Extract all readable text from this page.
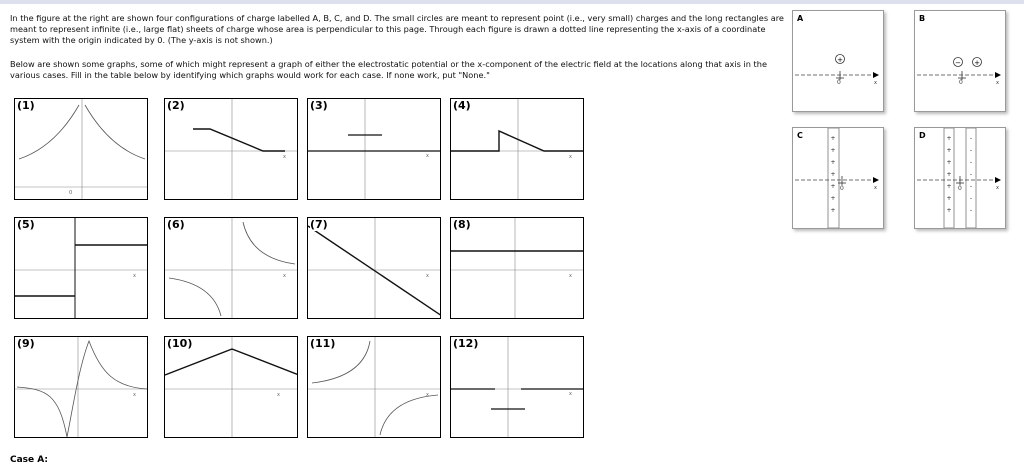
In the figure at the right are shown four configurations of charge labelled A, B, C, and D. The small circles are meant to represent point (i.e., very small) charges and the long rectangles are meant to represent infinite (i.e., large flat) sheets of charge whose area is perpendicular to this page. Through each figure is drawn a dotted line representing the x-axis of a coordinate system with the origin indicated by 0. (The y-axis is not shown.)

Below are shown some graphs, some of which might represent a graph of either the electrostatic potential or the x-component of the electric field at the locations along that axis in the various cases. Fill in the table below by identifying which graphs would work for each case. If none work, put "None."

(1)
0
(2)
x
(3)
x
(4)
x
(5)
x
(6)
x
(7)
x
(8)
x
(9)
x
(10)
x
(11)
x
(12)
x
A
+
0	x
B
− +
0	x
C	+
+
+
+
+
+
+
0	x
D	+
+
+
+
+
+
+
-
-
-
-
-
-
-
0	x
Case A:
